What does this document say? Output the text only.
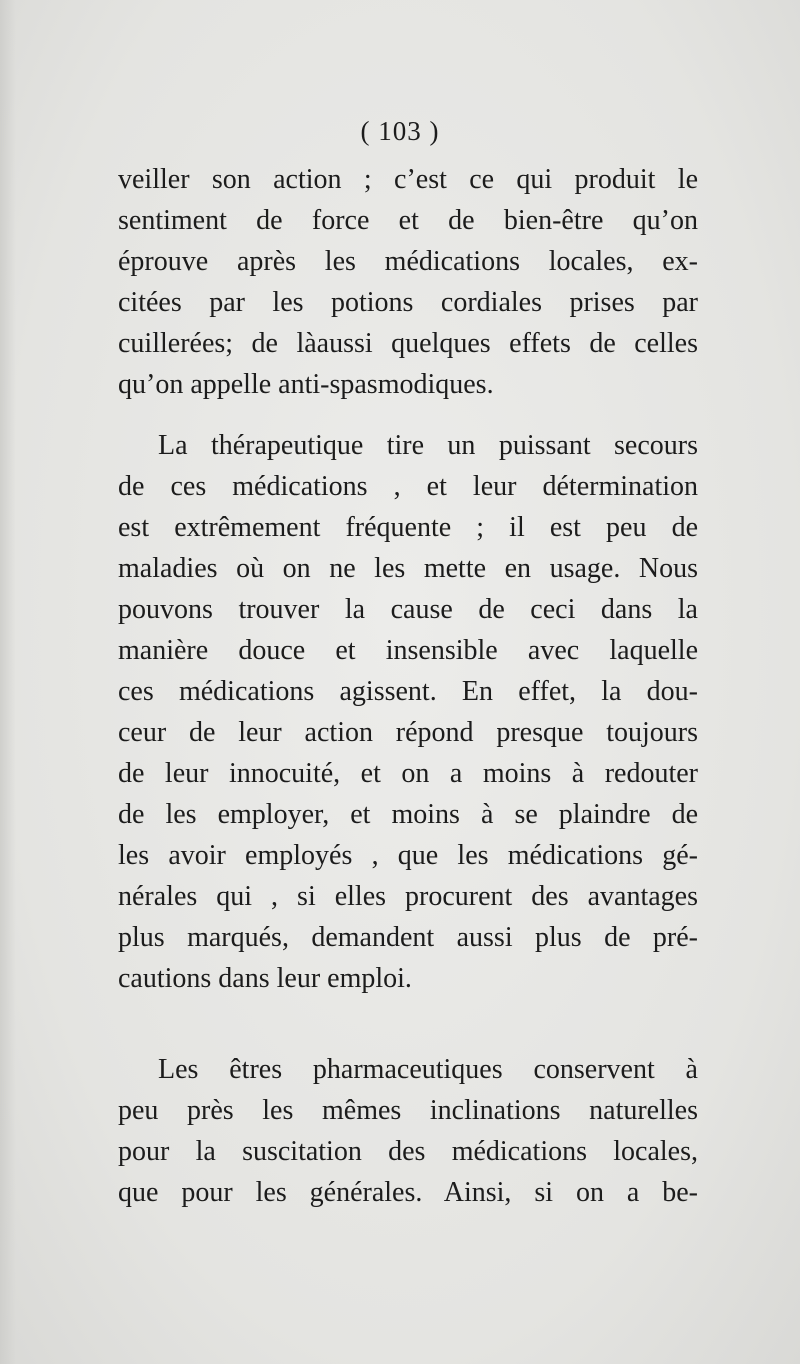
( 103 )
veiller son action ; c’est ce qui produit le
sentiment de force et de bien-être qu’on
éprouve après les médications locales, ex-
citées par les potions cordiales prises par
cuillerées; de làaussi quelques effets de celles
qu’on appelle anti-spasmodiques.
La thérapeutique tire un puissant secours
de ces médications , et leur détermination
est extrêmement fréquente ; il est peu de
maladies où on ne les mette en usage. Nous
pouvons trouver la cause de ceci dans la
manière douce et insensible avec laquelle
ces médications agissent. En effet, la dou-
ceur de leur action répond presque toujours
de leur innocuité, et on a moins à redouter
de les employer, et moins à se plaindre de
les avoir employés , que les médications gé-
nérales qui , si elles procurent des avantages
plus marqués, demandent aussi plus de pré-
cautions dans leur emploi.
Les êtres pharmaceutiques conservent à
peu près les mêmes inclinations naturelles
pour la suscitation des médications locales,
que pour les générales. Ainsi, si on a be-
